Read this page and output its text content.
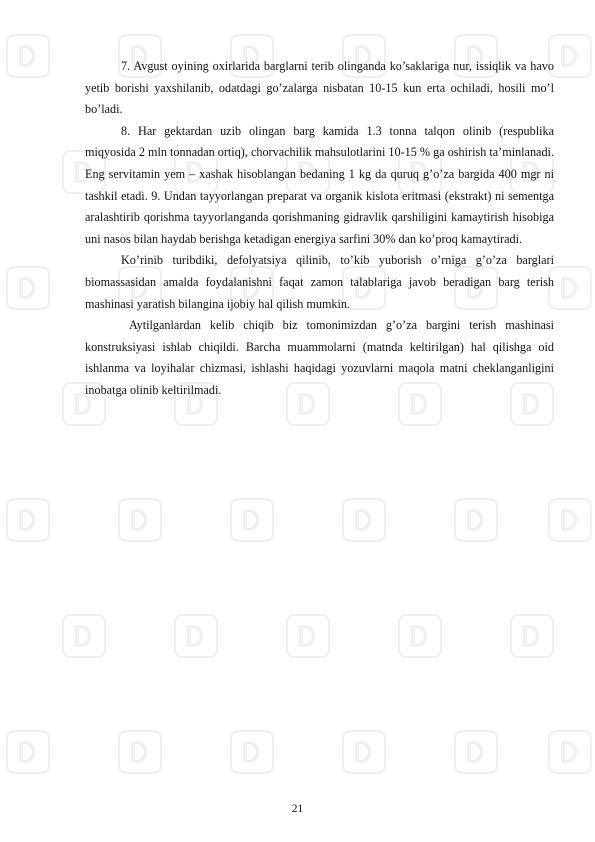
7. Avgust oyining oxirlarida barglarni terib olinganda ko’saklariga nur, issiqlik va havo yetib borishi yaxshilanib, odatdagi go’zalarga nisbatan 10-15 kun erta ochiladi, hosili mo’l bo’ladi.

8. Har gektardan uzib olingan barg kamida 1.3 tonna talqon olinib (respublika miqyosida 2 mln tonnadan ortiq), chorvachilik mahsulotlarini 10-15 % ga oshirish ta’minlanadi. Eng servitamin yem – xashak hisoblangan bedaning 1 kg da quruq g’o’za bargida 400 mgr ni tashkil etadi. 9. Undan tayyorlangan preparat va organik kislota eritmasi (ekstrakt) ni sementga aralashtirib qorishma tayyorlanganda qorishmaning gidravlik qarshiligini kamaytirish hisobiga uni nasos bilan haydab berishga ketadigan energiya sarfini 30% dan ko’proq kamaytiradi.

Ko’rinib turibdiki, defolyatsiya qilinib, to’kib yuborish o’rniga g’o’za barglari biomassasidan amalda foydalanishni faqat zamon talablariga javob beradigan barg terish mashinasi yaratish bilangina ijobiy hal qilish mumkin.

Aytilganlardan kelib chiqib biz tomonimizdan g’o’za bargini terish mashinasi konstruksiyasi ishlab chiqildi. Barcha muammolarni (matnda keltirilgan) hal qilishga oid ishlanma va loyihalar chizmasi, ishlashi haqidagi yozuvlarni maqola matni cheklanganligini inobatga olinib keltirilmadi.

21
